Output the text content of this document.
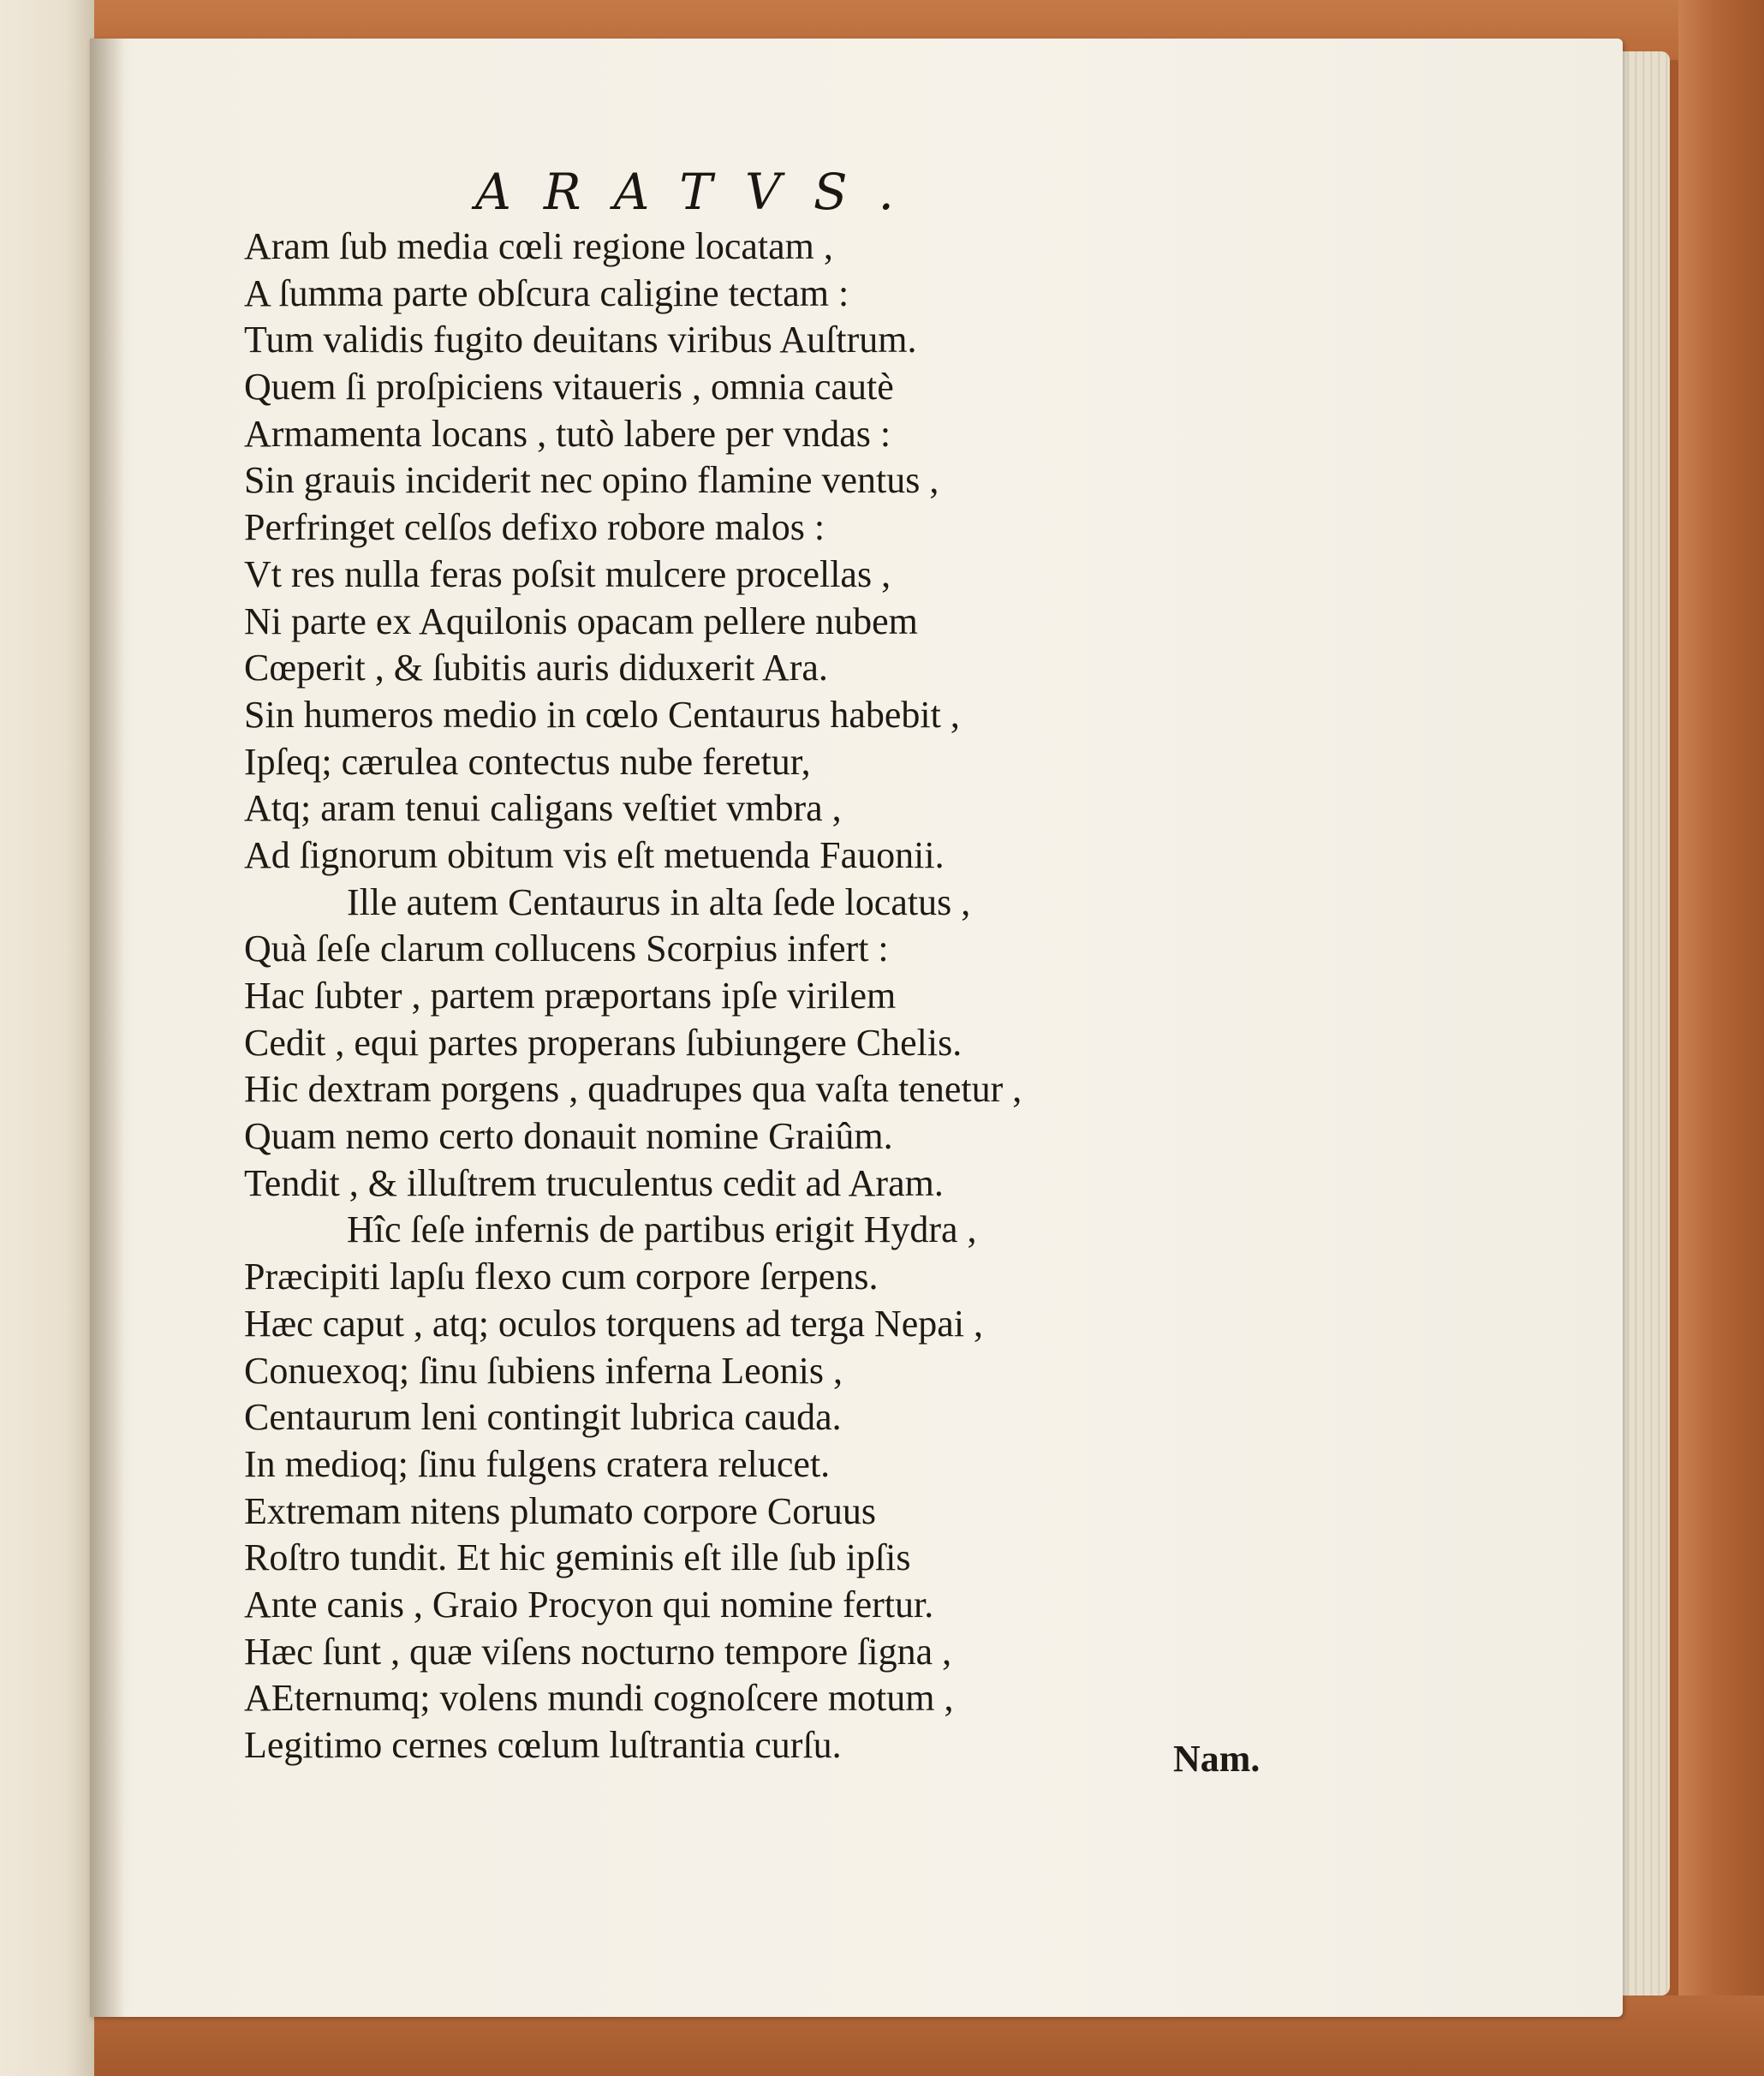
ARATVS.
Aram ſub media cœli regione locatam ,
A ſumma parte obſcura caligine tectam :
Tum validis fugito deuitans viribus Auſtrum.
Quem ſi proſpiciens vitaueris , omnia cautè
Armamenta locans , tutò labere per vndas :
Sin grauis inciderit nec opino flamine ventus ,
Perfringet celſos defixo robore malos :
Vt res nulla feras poſsit mulcere procellas ,
Ni parte ex Aquilonis opacam pellere nubem
Cœperit , & ſubitis auris diduxerit Ara.
Sin humeros medio in cœlo Centaurus habebit ,
Ipſeq; cærulea contectus nube feretur,
Atq; aram tenui caligans veſtiet vmbra ,
Ad ſignorum obitum vis eſt metuenda Fauonii.
Ille autem Centaurus in alta ſede locatus ,
Quà ſeſe clarum collucens Scorpius infert :
Hac ſubter , partem præportans ipſe virilem
Cedit , equi partes properans ſubiungere Chelis.
Hic dextram porgens , quadrupes qua vaſta tenetur ,
Quam nemo certo donauit nomine Graiûm.
Tendit , & illuſtrem truculentus cedit ad Aram.
Hîc ſeſe infernis de partibus erigit Hydra ,
Præcipiti lapſu flexo cum corpore ſerpens.
Hæc caput , atq; oculos torquens ad terga Nepai ,
Conuexoq; ſinu ſubiens inferna Leonis ,
Centaurum leni contingit lubrica cauda.
In medioq; ſinu fulgens cratera relucet.
Extremam nitens plumato corpore Coruus
Roſtro tundit. Et hic geminis eſt ille ſub ipſis
Ante canis , Graio Procyon qui nomine fertur.
Hæc ſunt , quæ viſens nocturno tempore ſigna ,
AEternumq; volens mundi cognoſcere motum ,
Legitimo cernes cœlum luſtrantia curſu.	Nam.
